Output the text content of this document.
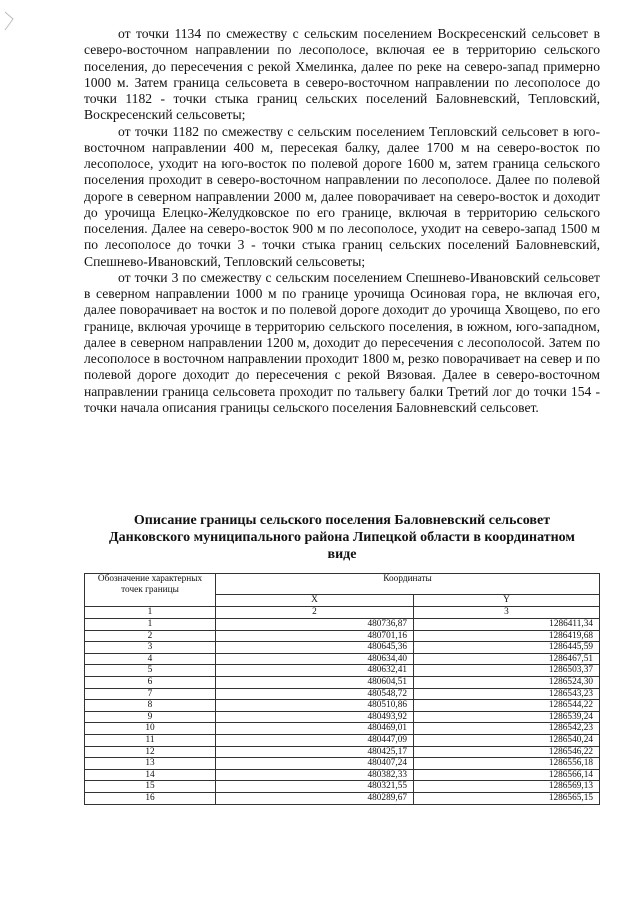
от точки 1134 по смежеству с сельским поселением Воскресенский сельсовет в северо-восточном направлении по лесополосе, включая ее в территорию сельского поселения, до пересечения с рекой Хмелинка, далее по реке на северо-запад примерно 1000 м. Затем граница сельсовета в северо-восточном направлении по лесополосе до точки 1182 - точки стыка границ сельских поселений Баловневский, Тепловский, Воскресенский сельсоветы;

от точки 1182 по смежеству с сельским поселением Тепловский сельсовет в юго-восточном направлении 400 м, пересекая балку, далее 1700 м на северо-восток по лесополосе, уходит на юго-восток по полевой дороге 1600 м, затем граница сельского поселения проходит в северо-восточном направлении по лесополосе. Далее по полевой дороге в северном направлении 2000 м, далее поворачивает на северо-восток и доходит до урочища Елецко-Желудковское по его границе, включая в территорию сельского поселения. Далее на северо-восток 900 м по лесополосе, уходит на северо-запад 1500 м по лесополосе до точки 3 - точки стыка границ сельских поселений Баловневский, Спешнево-Ивановский, Тепловский сельсоветы;

от точки 3 по смежеству с сельским поселением Спешнево-Ивановский сельсовет в северном направлении 1000 м по границе урочища Осиновая гора, не включая его, далее поворачивает на восток и по полевой дороге доходит до урочища Хвощево, по его границе, включая урочище в территорию сельского поселения, в южном, юго-западном, далее в северном направлении 1200 м, доходит до пересечения с лесополосой. Затем по лесополосе в восточном направлении проходит 1800 м, резко поворачивает на север и по полевой дороге доходит до пересечения с рекой Вязовая. Далее в северо-восточном направлении граница сельсовета проходит по тальвегу балки Третий лог до точки 154 - точки начала описания границы сельского поселения Баловневский сельсовет.

Описание границы сельского поселения Баловневский сельсовет
Данковского муниципального района Липецкой области в координатном
виде
Обозначение характерных точек границы	Координаты	
	X	Y
1	2	3
1	480736,87	1286411,34
2	480701,16	1286419,68
3	480645,36	1286445,59
4	480634,40	1286467,51
5	480632,41	1286503,37
6	480604,51	1286524,30
7	480548,72	1286543,23
8	480510,86	1286544,22
9	480493,92	1286539,24
10	480469,01	1286542,23
11	480447,09	1286540,24
12	480425,17	1286546,22
13	480407,24	1286556,18
14	480382,33	1286566,14
15	480321,55	1286569,13
16	480289,67	1286565,15
